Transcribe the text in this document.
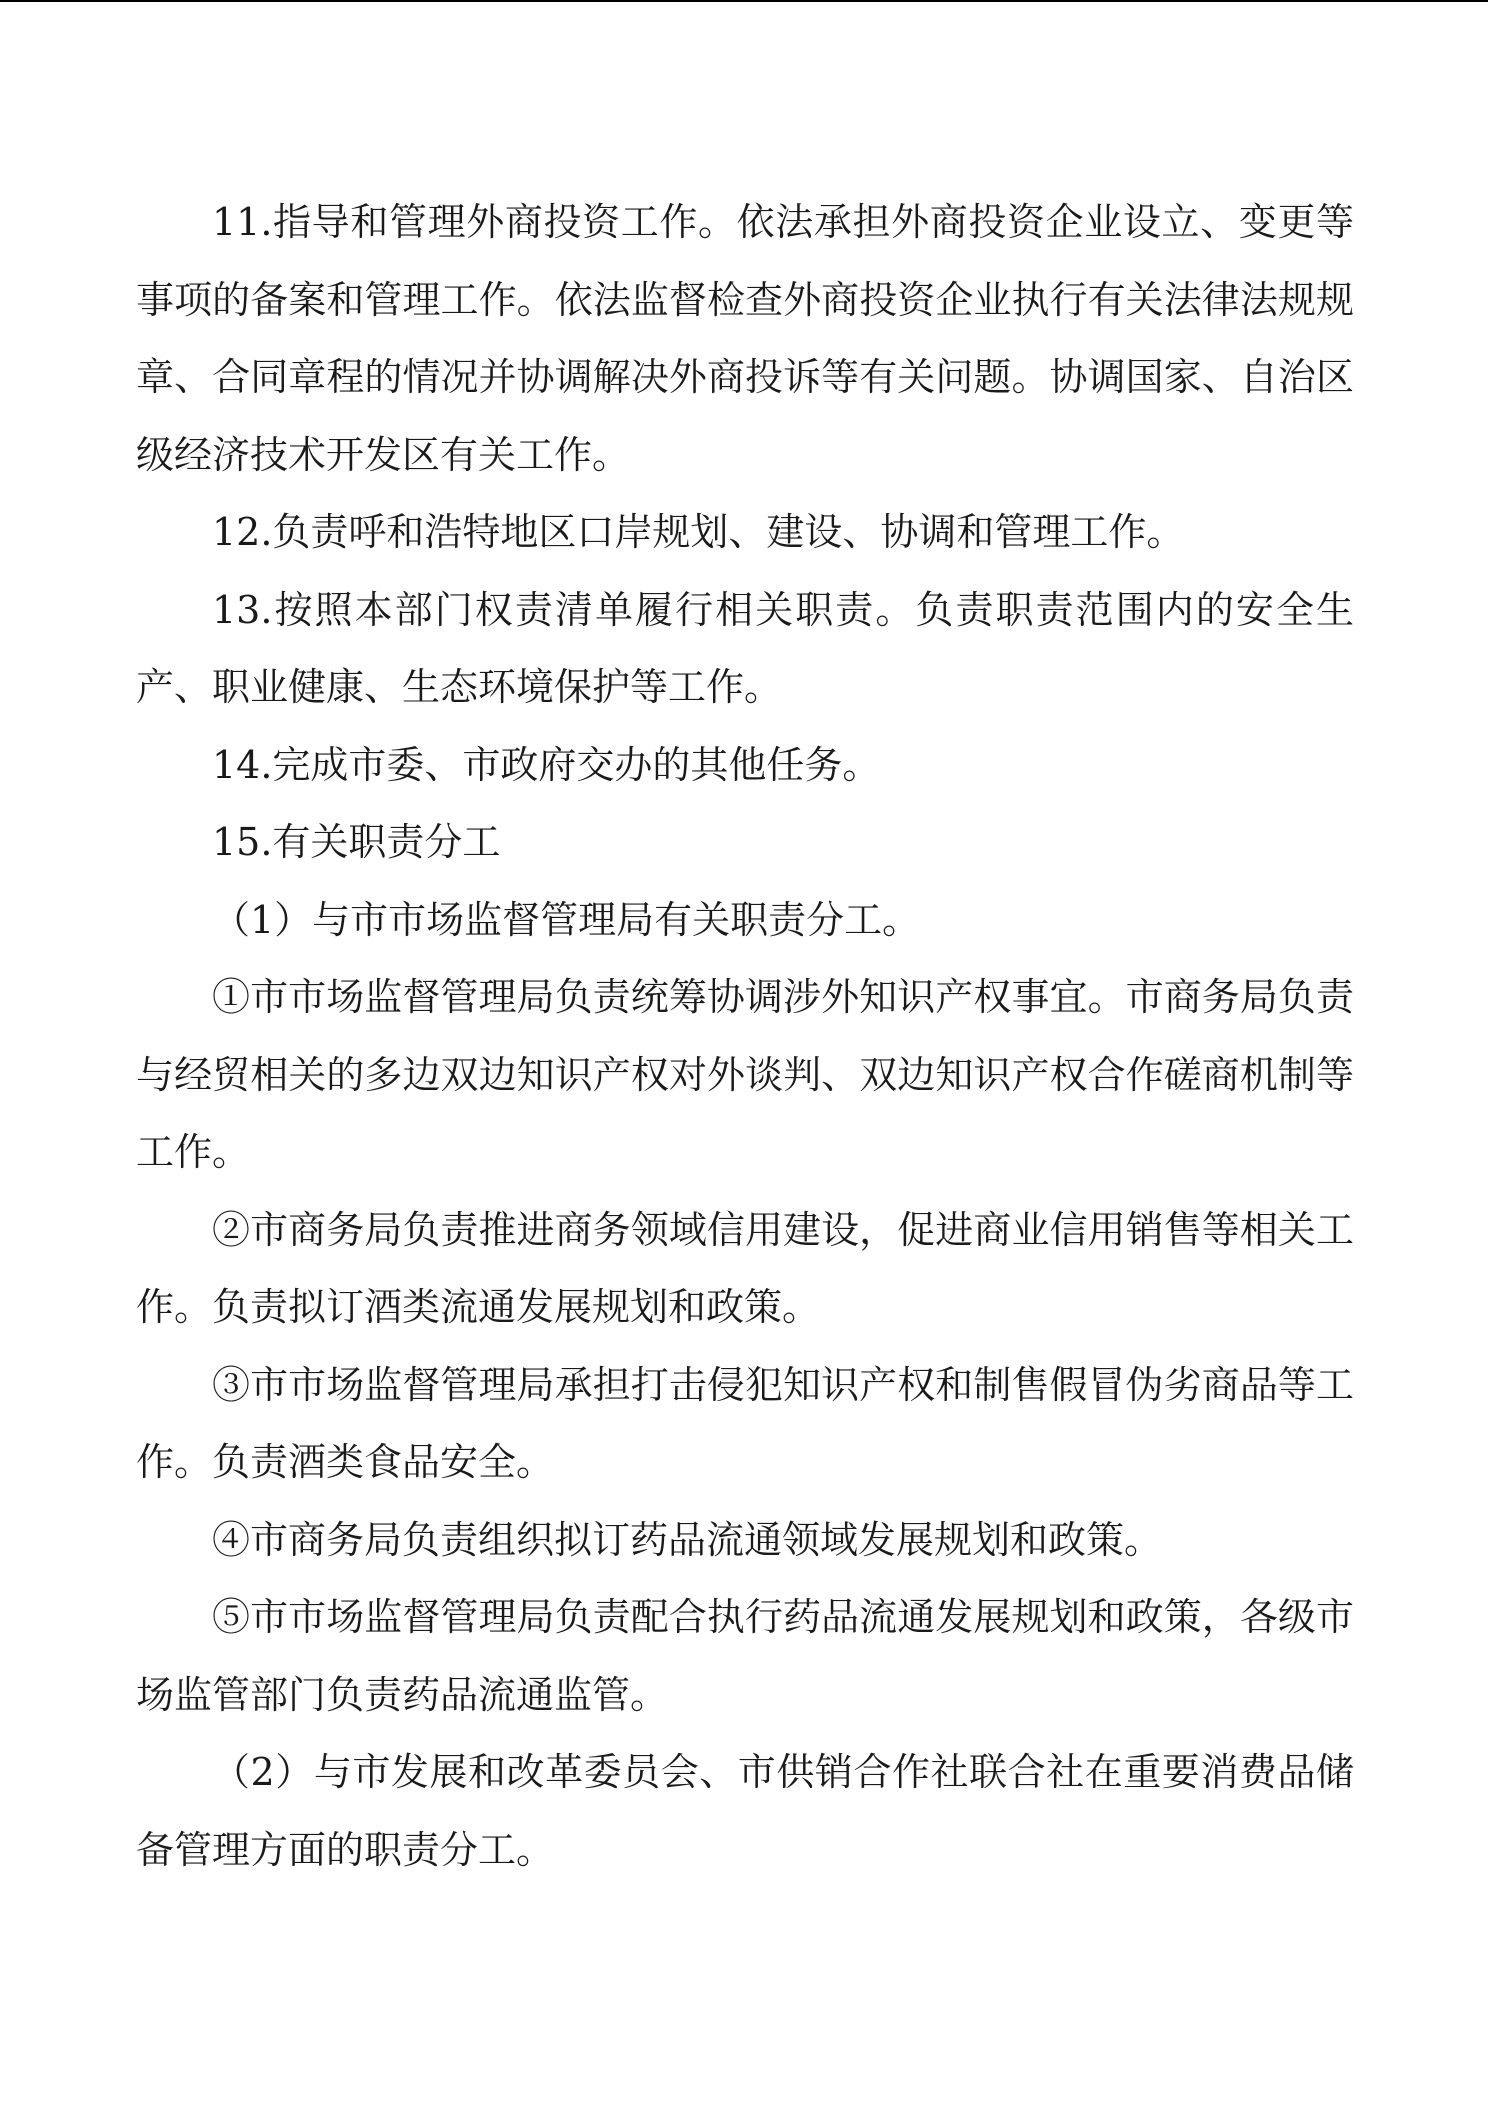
11.指导和管理外商投资工作。依法承担外商投资企业设立、变更等事项的备案和管理工作。依法监督检查外商投资企业执行有关法律法规规章、合同章程的情况并协调解决外商投诉等有关问题。协调国家、自治区级经济技术开发区有关工作。

12.负责呼和浩特地区口岸规划、建设、协调和管理工作。

13.按照本部门权责清单履行相关职责。负责职责范围内的安全生产、职业健康、生态环境保护等工作。

14.完成市委、市政府交办的其他任务。

15.有关职责分工

（1）与市市场监督管理局有关职责分工。

①市市场监督管理局负责统筹协调涉外知识产权事宜。市商务局负责与经贸相关的多边双边知识产权对外谈判、双边知识产权合作磋商机制等工作。

②市商务局负责推进商务领域信用建设，促进商业信用销售等相关工作。负责拟订酒类流通发展规划和政策。

③市市场监督管理局承担打击侵犯知识产权和制售假冒伪劣商品等工作。负责酒类食品安全。

④市商务局负责组织拟订药品流通领域发展规划和政策。

⑤市市场监督管理局负责配合执行药品流通发展规划和政策，各级市场监管部门负责药品流通监管。

（2）与市发展和改革委员会、市供销合作社联合社在重要消费品储备管理方面的职责分工。
